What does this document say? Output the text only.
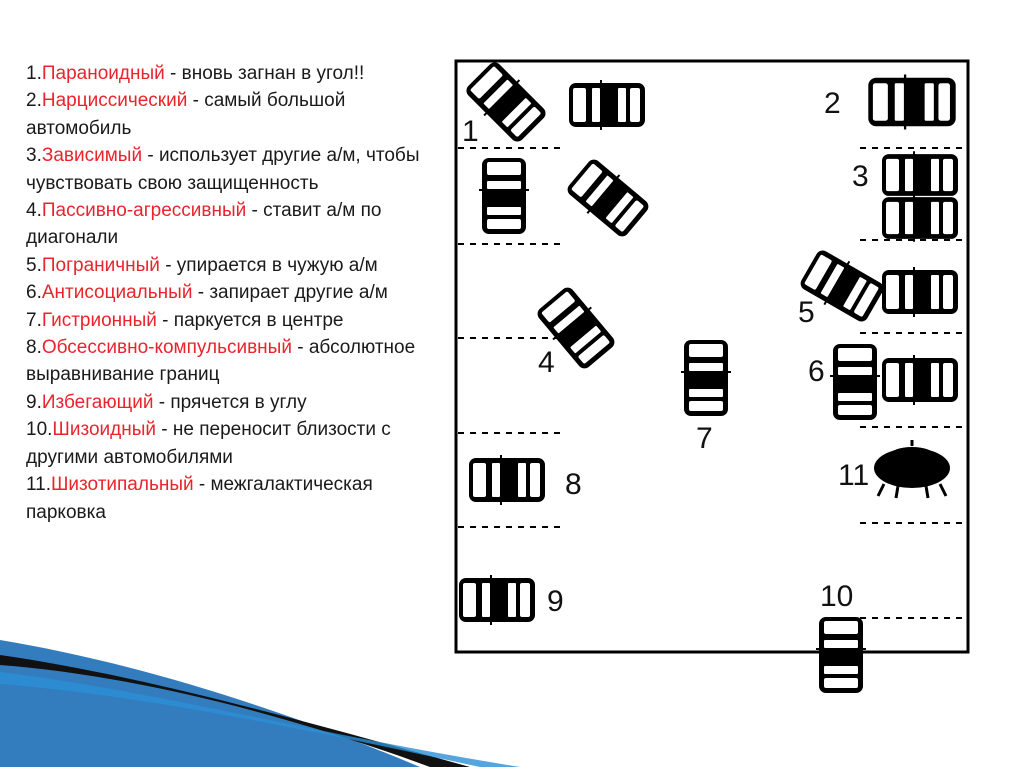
1.Параноидный - вновь загнан в угол!!

2.Нарциссический - самый большой автомобиль

3.Зависимый - использует другие а/м, чтобы чувствовать свою защищенность

4.Пассивно-агрессивный - ставит а/м по диагонали

5.Пограничный - упирается в чужую а/м

6.Антисоциальный - запирает другие а/м

7.Гистрионный - паркуется в центре

8.Обсессивно-компульсивный - абсолютное выравнивание границ

9.Избегающий - прячется в углу

10.Шизоидный - не переносит близости с другими автомобилями

11.Шизотипальный - межгалактическая парковка

1
2
3
4
5
6
7
8
9	10
11
